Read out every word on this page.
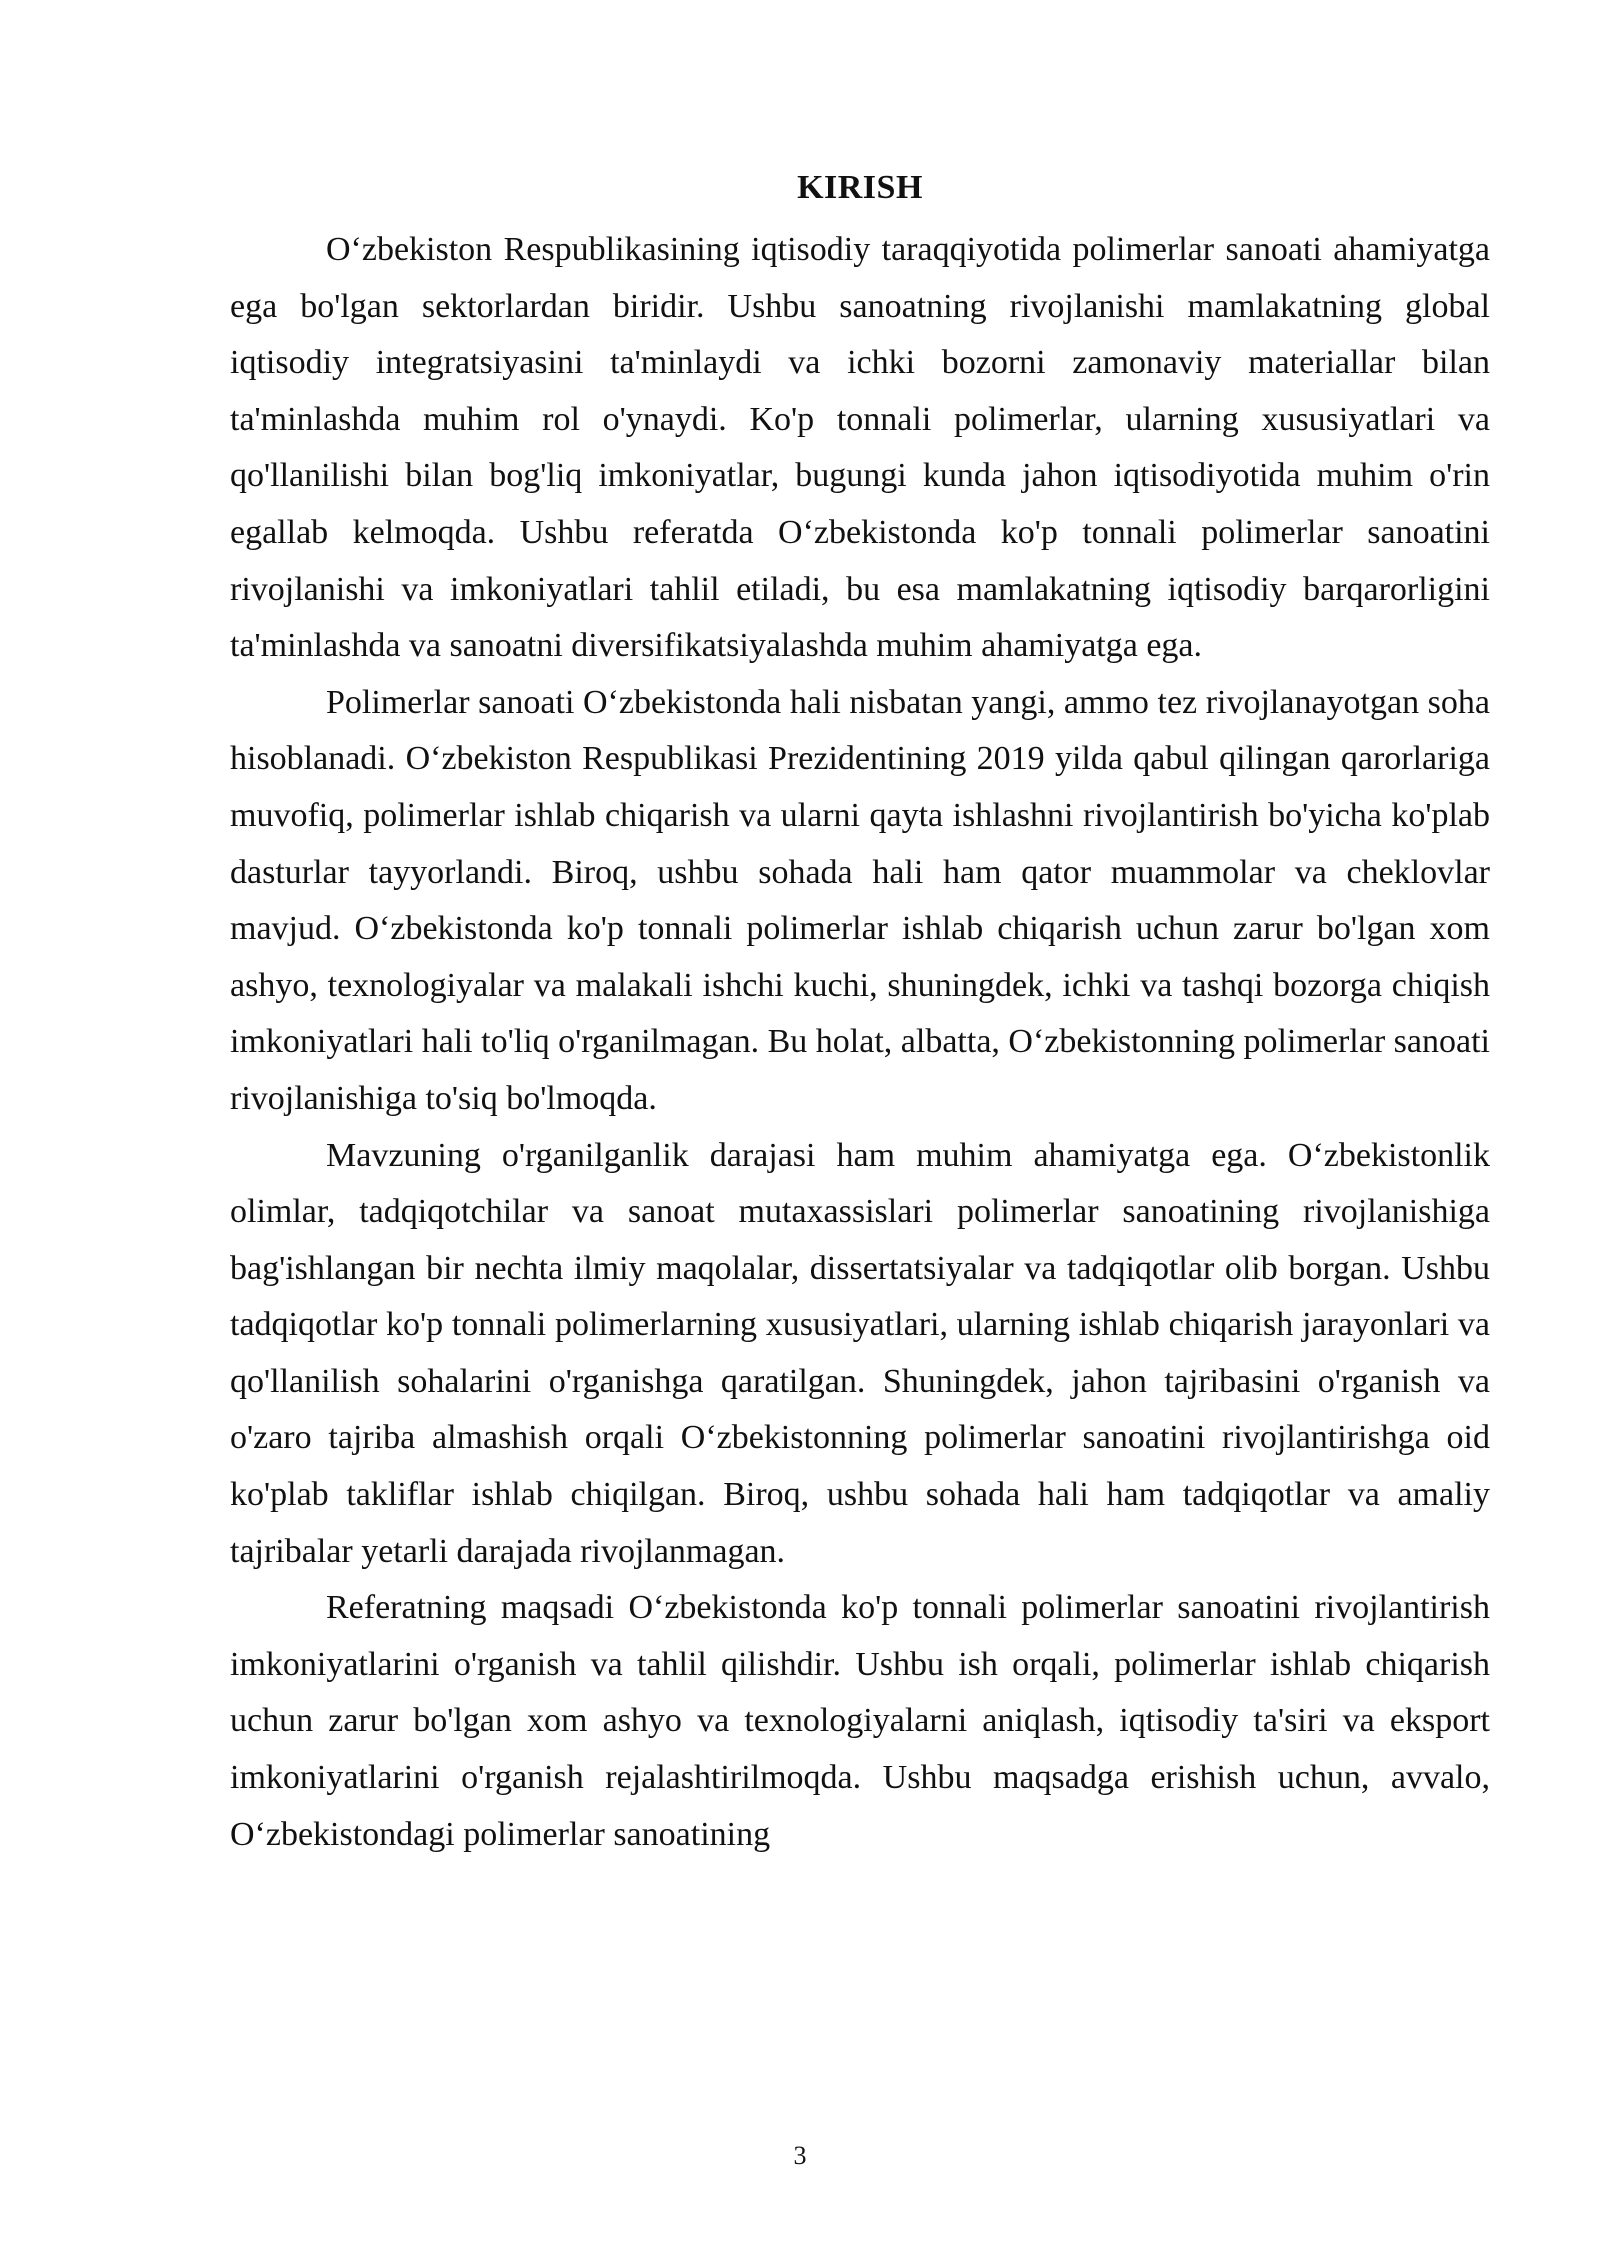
KIRISH

O‘zbekiston Respublikasining iqtisodiy taraqqiyotida polimerlar sanoati ahamiyatga ega bo'lgan sektorlardan biridir. Ushbu sanoatning rivojlanishi mamlakatning global iqtisodiy integratsiyasini ta'minlaydi va ichki bozorni zamonaviy materiallar bilan ta'minlashda muhim rol o'ynaydi. Ko'p tonnali polimerlar, ularning xususiyatlari va qo'llanilishi bilan bog'liq imkoniyatlar, bugungi kunda jahon iqtisodiyotida muhim o'rin egallab kelmoqda. Ushbu referatda O‘zbekistonda ko'p tonnali polimerlar sanoatini rivojlanishi va imkoniyatlari tahlil etiladi, bu esa mamlakatning iqtisodiy barqarorligini ta'minlashda va sanoatni diversifikatsiyalashda muhim ahamiyatga ega.

Polimerlar sanoati O‘zbekistonda hali nisbatan yangi, ammo tez rivojlanayotgan soha hisoblanadi. O‘zbekiston Respublikasi Prezidentining 2019 yilda qabul qilingan qarorlariga muvofiq, polimerlar ishlab chiqarish va ularni qayta ishlashni rivojlantirish bo'yicha ko'plab dasturlar tayyorlandi. Biroq, ushbu sohada hali ham qator muammolar va cheklovlar mavjud. O‘zbekistonda ko'p tonnali polimerlar ishlab chiqarish uchun zarur bo'lgan xom ashyo, texnologiyalar va malakali ishchi kuchi, shuningdek, ichki va tashqi bozorga chiqish imkoniyatlari hali to'liq o'rganilmagan. Bu holat, albatta, O‘zbekistonning polimerlar sanoati rivojlanishiga to'siq bo'lmoqda.

Mavzuning o'rganilganlik darajasi ham muhim ahamiyatga ega. O‘zbekistonlik olimlar, tadqiqotchilar va sanoat mutaxassislari polimerlar sanoatining rivojlanishiga bag'ishlangan bir nechta ilmiy maqolalar, dissertatsiyalar va tadqiqotlar olib borgan. Ushbu tadqiqotlar ko'p tonnali polimerlarning xususiyatlari, ularning ishlab chiqarish jarayonlari va qo'llanilish sohalarini o'rganishga qaratilgan. Shuningdek, jahon tajribasini o'rganish va o'zaro tajriba almashish orqali O‘zbekistonning polimerlar sanoatini rivojlantirishga oid ko'plab takliflar ishlab chiqilgan. Biroq, ushbu sohada hali ham tadqiqotlar va amaliy tajribalar yetarli darajada rivojlanmagan.

Referatning maqsadi O‘zbekistonda ko'p tonnali polimerlar sanoatini rivojlantirish imkoniyatlarini o'rganish va tahlil qilishdir. Ushbu ish orqali, polimerlar ishlab chiqarish uchun zarur bo'lgan xom ashyo va texnologiyalarni aniqlash, iqtisodiy ta'siri va eksport imkoniyatlarini o'rganish rejalashtirilmoqda. Ushbu maqsadga erishish uchun, avvalo, O‘zbekistondagi polimerlar sanoatining

3
